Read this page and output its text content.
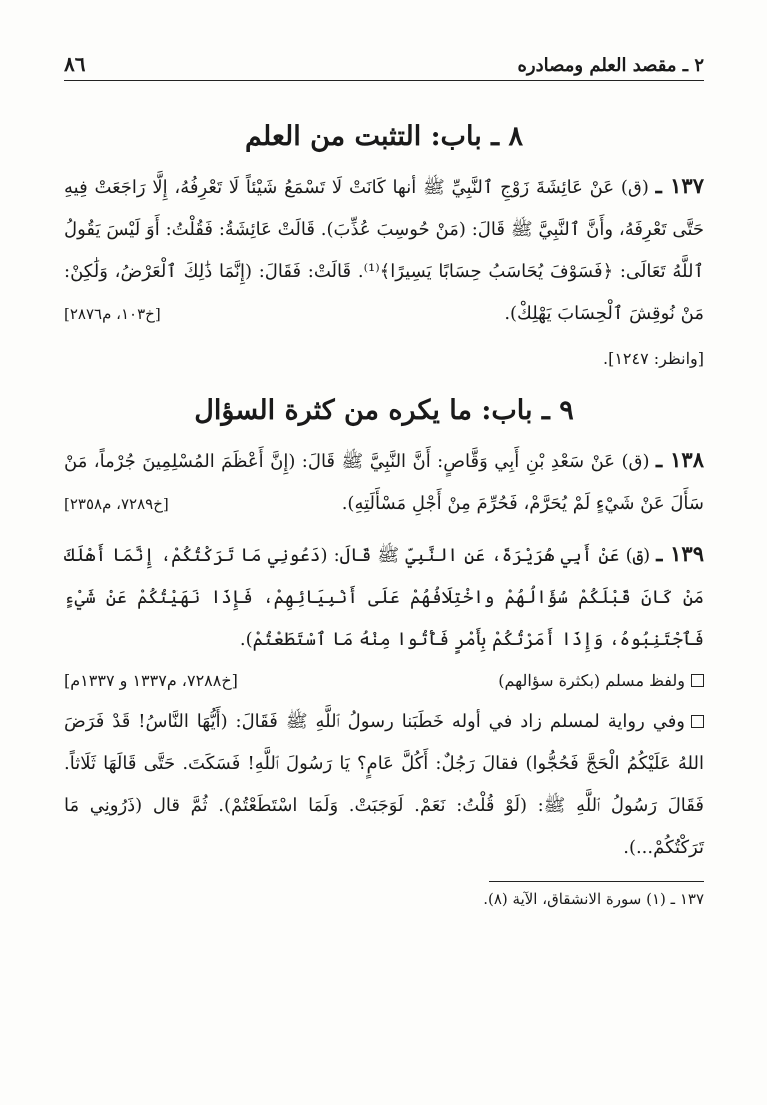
٢ ـ مقصد العلم ومصادره
٨٦
٨ ـ باب: التثبت من العلم

١٣٧ ـ (ق) عَنْ عَائِشَةَ زَوْجِ ٱلنَّبِيِّ ﷺ أنها كَانَتْ لَا تَسْمَعُ شَيْئاً لَا تَعْرِفُهُ، إِلَّا رَاجَعَتْ فِيهِ حَتَّى تَعْرِفَهُ، وأَنَّ ٱلنَّبِيَّ ﷺ قَالَ: (مَنْ حُوسِبَ عُذِّبَ). قَالَتْ عَائِشَةُ: فَقُلْتُ: أَوَ لَيْسَ يَقُولُ ٱللَّهُ تَعَالَى: ﴿فَسَوْفَ يُحَاسَبُ حِسَابًا يَسِيرًا﴾⁽¹⁾. قَالَتْ: فَقَالَ: (إِنَّمَا ذَٰلِكَ ٱلْعَرْضُ، وَلَٰكِنْ: مَنْ نُوقِشَ ٱلْحِسَابَ يَهْلِكْ).
[خ١٠٣، م٢٨٧٦]

[وانظر: ١٢٤٧].

٩ ـ باب: ما يكره من كثرة السؤال

١٣٨ ـ (ق) عَنْ سَعْدِ بْنِ أَبِي وَقَّاصٍ: أَنَّ النَّبِيَّ ﷺ قَالَ: (إِنَّ أَعْظَمَ المُسْلِمِينَ جُرْماً، مَنْ سَأَلَ عَنْ شَيْءٍ لَمْ يُحَرَّمْ، فَحُرِّمَ مِنْ أَجْلِ مَسْأَلَتِهِ).
[خ٧٢٨٩، م٢٣٥٨]

١٣٩ ـ (ق) عَنْ أَبِي هُرَيْرَةَ، عَنِ النَّبِيِّ ﷺ قَالَ: (دَعُونِي مَا تَرَكْتُكُمْ، إِنَّمَا أَهْلَكَ مَنْ كَانَ قَبْلَكُمْ سُؤَالُهُمْ واخْتِلَافُهُمْ عَلَى أَنْبِيَائِهِمْ، فَإِذَا نَهَيْتُكُمْ عَنْ شَيْءٍ فَٱجْتَنِبُوهُ، وَإِذَا أَمَرْتُكُمْ بِأَمْرٍ فَأْتُوا مِنْهُ مَا ٱسْتَطَعْتُمْ).

ولفظ مسلم (بكثرة سؤالهم)
[خ٧٢٨٨، م١٣٣٧ و ١٣٣٧م]

وفي رواية لمسلم زاد في أوله خَطَبَنا رسولُ ٱللَّهِ ﷺ فَقَالَ: (أَيُّهَا النَّاسُ! قَدْ فَرَضَ اللهُ عَلَيْكُمُ الْحَجَّ فَحُجُّوا) فقالَ رَجُلٌ: أَكُلَّ عَامٍ؟ يَا رَسُولَ ٱللَّهِ! فَسَكَتَ. حَتَّى قَالَهَا ثَلَاثاً. فَقَالَ رَسُولُ ٱللَّهِ ﷺ: (لَوْ قُلْتُ: نَعَمْ. لَوَجَبَتْ. وَلَمَا اسْتَطَعْتُمْ). ثُمَّ قال (ذَرُونِي مَا تَرَكْتُكُمْ...).

١٣٧ ـ (١) سورة الانشقاق، الآية (٨).
